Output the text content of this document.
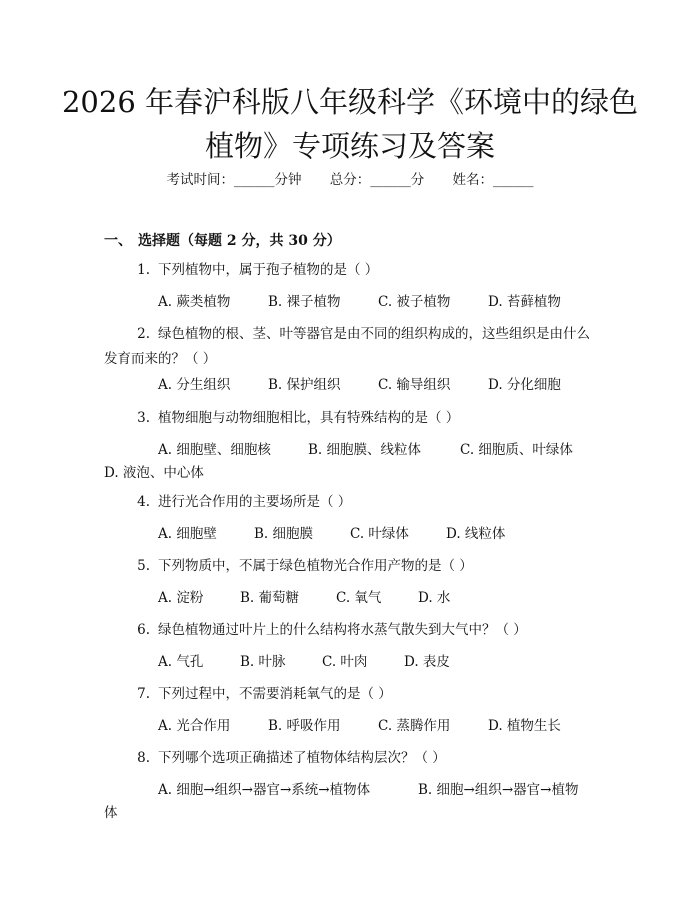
2026 年春沪科版八年级科学《环境中的绿色
植物》专项练习及答案
考试时间：______分钟 总分：______分 姓名：______
一、 选择题（每题 2 分，共 30 分）
1. 下列植物中，属于孢子植物的是（ ）
A. 蕨类植物	B. 裸子植物	C. 被子植物	D. 苔藓植物
2. 绿色植物的根、茎、叶等器官是由不同的组织构成的，这些组织是由什么
发育而来的？（ ）
A. 分生组织	B. 保护组织	C. 输导组织	D. 分化细胞
3. 植物细胞与动物细胞相比，具有特殊结构的是（ ）
A. 细胞壁、细胞核	B. 细胞膜、线粒体	C. 细胞质、叶绿体
D. 液泡、中心体
4. 进行光合作用的主要场所是（ ）
A. 细胞壁	B. 细胞膜	C. 叶绿体	D. 线粒体
5. 下列物质中，不属于绿色植物光合作用产物的是（ ）
A. 淀粉	B. 葡萄糖	C. 氧气	D. 水
6. 绿色植物通过叶片上的什么结构将水蒸气散失到大气中？（ ）
A. 气孔	B. 叶脉	C. 叶肉	D. 表皮
7. 下列过程中，不需要消耗氧气的是（ ）
A. 光合作用	B. 呼吸作用	C. 蒸腾作用	D. 植物生长
8. 下列哪个选项正确描述了植物体结构层次？（ ）
A. 细胞→组织→器官→系统→植物体	B. 细胞→组织→器官→植物
体
